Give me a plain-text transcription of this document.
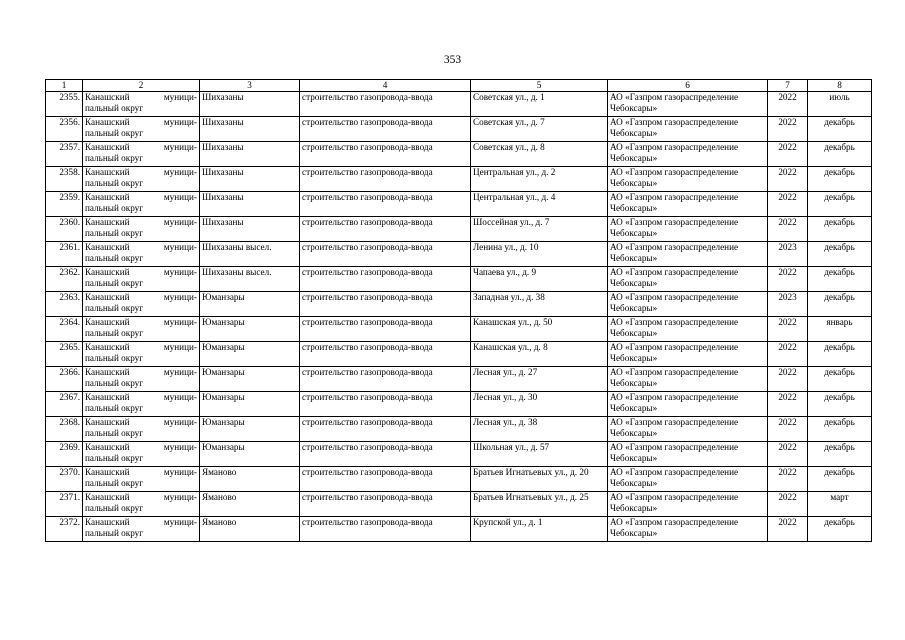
353
1	2	3	4	5	6	7	8
2355.	Канашский муници-пальный округ	Шихазаны	строительство газопровода-ввода	Советская ул., д. 1	АО «Газпром газораспределение Чебоксары»	2022	июль
2356.	Канашский муници-пальный округ	Шихазаны	строительство газопровода-ввода	Советская ул., д. 7	АО «Газпром газораспределение Чебоксары»	2022	декабрь
2357.	Канашский муници-пальный округ	Шихазаны	строительство газопровода-ввода	Советская ул., д. 8	АО «Газпром газораспределение Чебоксары»	2022	декабрь
2358.	Канашский муници-пальный округ	Шихазаны	строительство газопровода-ввода	Центральная ул., д. 2	АО «Газпром газораспределение Чебоксары»	2022	декабрь
2359.	Канашский муници-пальный округ	Шихазаны	строительство газопровода-ввода	Центральная ул., д. 4	АО «Газпром газораспределение Чебоксары»	2022	декабрь
2360.	Канашский муници-пальный округ	Шихазаны	строительство газопровода-ввода	Шоссейная ул., д. 7	АО «Газпром газораспределение Чебоксары»	2022	декабрь
2361.	Канашский муници-пальный округ	Шихазаны высел.	строительство газопровода-ввода	Ленина ул., д. 10	АО «Газпром газораспределение Чебоксары»	2023	декабрь
2362.	Канашский муници-пальный округ	Шихазаны высел.	строительство газопровода-ввода	Чапаева ул., д. 9	АО «Газпром газораспределение Чебоксары»	2022	декабрь
2363.	Канашский муници-пальный округ	Юманзары	строительство газопровода-ввода	Западная ул., д. 38	АО «Газпром газораспределение Чебоксары»	2023	декабрь
2364.	Канашский муници-пальный округ	Юманзары	строительство газопровода-ввода	Канашская ул., д. 50	АО «Газпром газораспределение Чебоксары»	2022	январь
2365.	Канашский муници-пальный округ	Юманзары	строительство газопровода-ввода	Канашская ул., д. 8	АО «Газпром газораспределение Чебоксары»	2022	декабрь
2366.	Канашский муници-пальный округ	Юманзары	строительство газопровода-ввода	Лесная ул., д. 27	АО «Газпром газораспределение Чебоксары»	2022	декабрь
2367.	Канашский муници-пальный округ	Юманзары	строительство газопровода-ввода	Лесная ул., д. 30	АО «Газпром газораспределение Чебоксары»	2022	декабрь
2368.	Канашский муници-пальный округ	Юманзары	строительство газопровода-ввода	Лесная ул., д. 38	АО «Газпром газораспределение Чебоксары»	2022	декабрь
2369.	Канашский муници-пальный округ	Юманзары	строительство газопровода-ввода	Школьная ул., д. 57	АО «Газпром газораспределение Чебоксары»	2022	декабрь
2370.	Канашский муници-пальный округ	Яманово	строительство газопровода-ввода	Братьев Игнатьевых ул., д. 20	АО «Газпром газораспределение Чебоксары»	2022	декабрь
2371.	Канашский муници-пальный округ	Яманово	строительство газопровода-ввода	Братьев Игнатьевых ул., д. 25	АО «Газпром газораспределение Чебоксары»	2022	март
2372.	Канашский муници-пальный округ	Яманово	строительство газопровода-ввода	Крупской ул., д. 1	АО «Газпром газораспределение Чебоксары»	2022	декабрь
